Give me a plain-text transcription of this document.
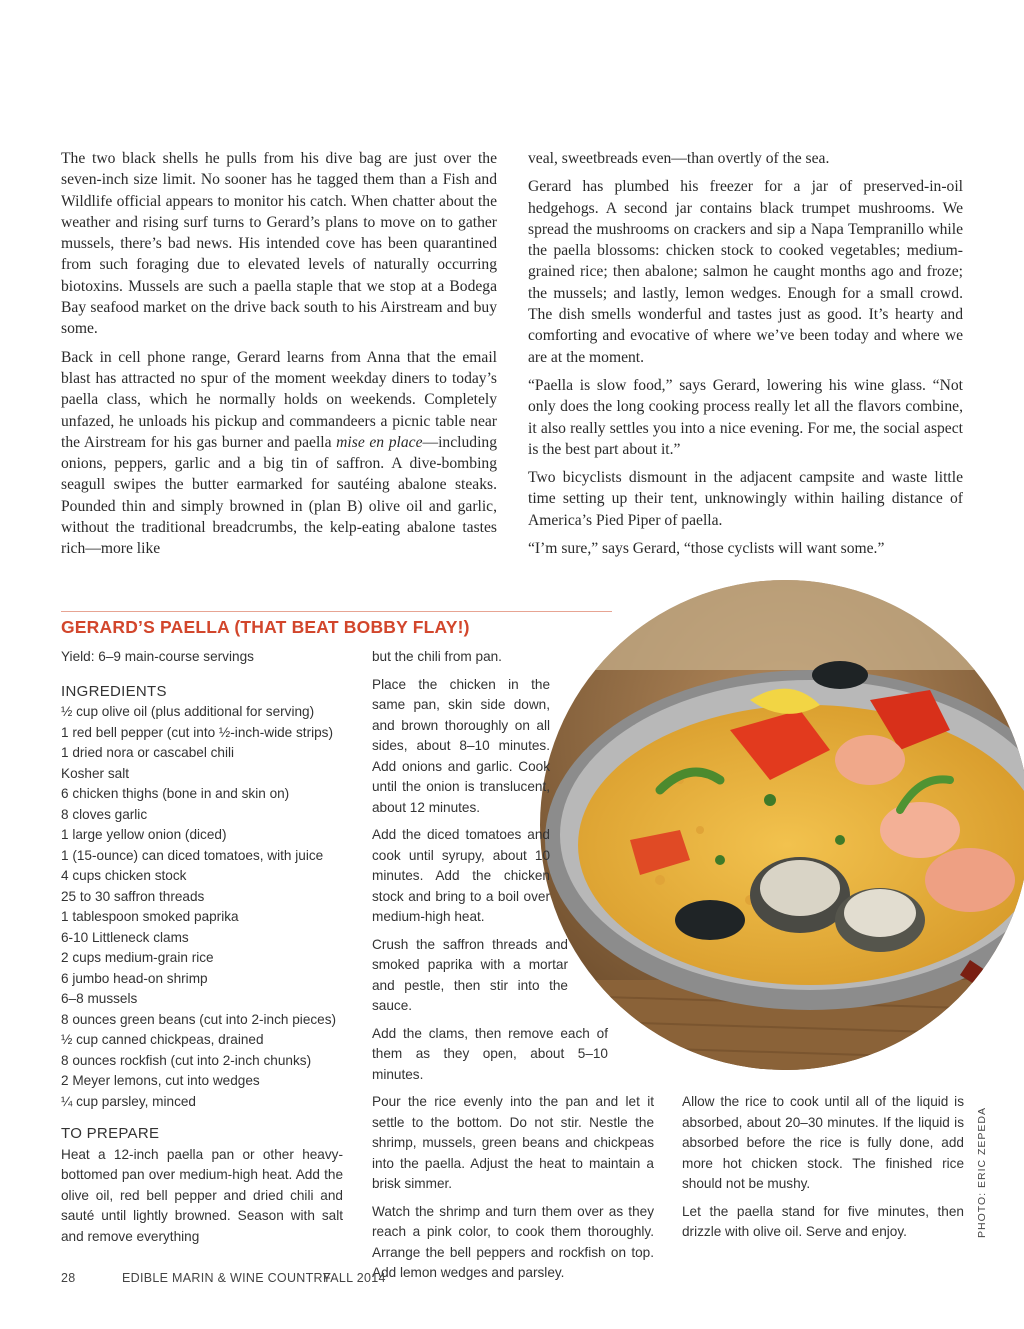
The two black shells he pulls from his dive bag are just over the seven-inch size limit. No sooner has he tagged them than a Fish and Wildlife official appears to monitor his catch. When chatter about the weather and rising surf turns to Gerard’s plans to move on to gather mussels, there’s bad news. His intended cove has been quarantined from such foraging due to elevated levels of naturally occurring biotoxins. Mussels are such a paella staple that we stop at a Bodega Bay seafood market on the drive back south to his Airstream and buy some.

Back in cell phone range, Gerard learns from Anna that the email blast has attracted no spur of the moment weekday diners to today’s paella class, which he normally holds on weekends. Completely unfazed, he unloads his pickup and commandeers a picnic table near the Airstream for his gas burner and paella mise en place—including onions, peppers, garlic and a big tin of saffron. A dive-bombing seagull swipes the butter earmarked for sautéing abalone steaks. Pounded thin and simply browned in (plan B) olive oil and garlic, without the traditional breadcrumbs, the kelp-eating abalone tastes rich—more like

veal, sweetbreads even—than overtly of the sea.

Gerard has plumbed his freezer for a jar of preserved-in-oil hedgehogs. A second jar contains black trumpet mushrooms. We spread the mushrooms on crackers and sip a Napa Tempranillo while the paella blossoms: chicken stock to cooked vegetables; medium-grained rice; then abalone; salmon he caught months ago and froze; the mussels; and lastly, lemon wedges. Enough for a small crowd. The dish smells wonderful and tastes just as good. It’s hearty and comforting and evocative of where we’ve been today and where we are at the moment.

“Paella is slow food,” says Gerard, lowering his wine glass. “Not only does the long cooking process really let all the flavors combine, it also really settles you into a nice evening. For me, the social aspect is the best part about it.”

Two bicyclists dismount in the adjacent campsite and waste little time setting up their tent, unknowingly within hailing distance of America’s Pied Piper of paella.

“I’m sure,” says Gerard, “those cyclists will want some.”

PHOTO: ERIC ZEPEDA
GERARD’S PAELLA (THAT BEAT BOBBY FLAY!)
Yield: 6–9 main-course servings
INGREDIENTS
½ cup olive oil (plus additional for serving)
1 red bell pepper (cut into ½-inch-wide strips)
1 dried nora or cascabel chili
Kosher salt
6 chicken thighs (bone in and skin on)
8 cloves garlic
1 large yellow onion (diced)
1 (15-ounce) can diced tomatoes, with juice
4 cups chicken stock
25 to 30 saffron threads
1 tablespoon smoked paprika
6-10 Littleneck clams
2 cups medium-grain rice
6 jumbo head-on shrimp
6–8 mussels
8 ounces green beans (cut into 2-inch pieces)
½ cup canned chickpeas, drained
8 ounces rockfish (cut into 2-inch chunks)
2 Meyer lemons, cut into wedges
¼ cup parsley, minced
TO PREPARE

Heat a 12-inch paella pan or other heavy-bottomed pan over medium-high heat. Add the olive oil, red bell pepper and dried chili and sauté until lightly browned. Season with salt and remove everything

but the chili from pan.

Place the chicken in the same pan, skin side down, and brown thoroughly on all sides, about 8–10 minutes. Add onions and garlic. Cook until the onion is translucent, about 12 minutes.

Add the diced tomatoes and cook until syrupy, about 10 minutes. Add the chicken stock and bring to a boil over medium-high heat.

Crush the saffron threads and smoked paprika with a mortar and pestle, then stir into the sauce.

Add the clams, then remove each of them as they open, about 5–10 minutes.

Pour the rice evenly into the pan and let it settle to the bottom. Do not stir. Nestle the shrimp, mussels, green beans and chickpeas into the paella. Adjust the heat to maintain a brisk simmer.

Watch the shrimp and turn them over as they reach a pink color, to cook them thoroughly. Arrange the bell peppers and rockfish on top. Add lemon wedges and parsley.

Allow the rice to cook until all of the liquid is absorbed, about 20–30 minutes. If the liquid is absorbed before the rice is fully done, add more hot chicken stock. The finished rice should not be mushy.

Let the paella stand for five minutes, then drizzle with olive oil. Serve and enjoy.

28	EDIBLE MARIN & WINE COUNTRY
FALL 2014
